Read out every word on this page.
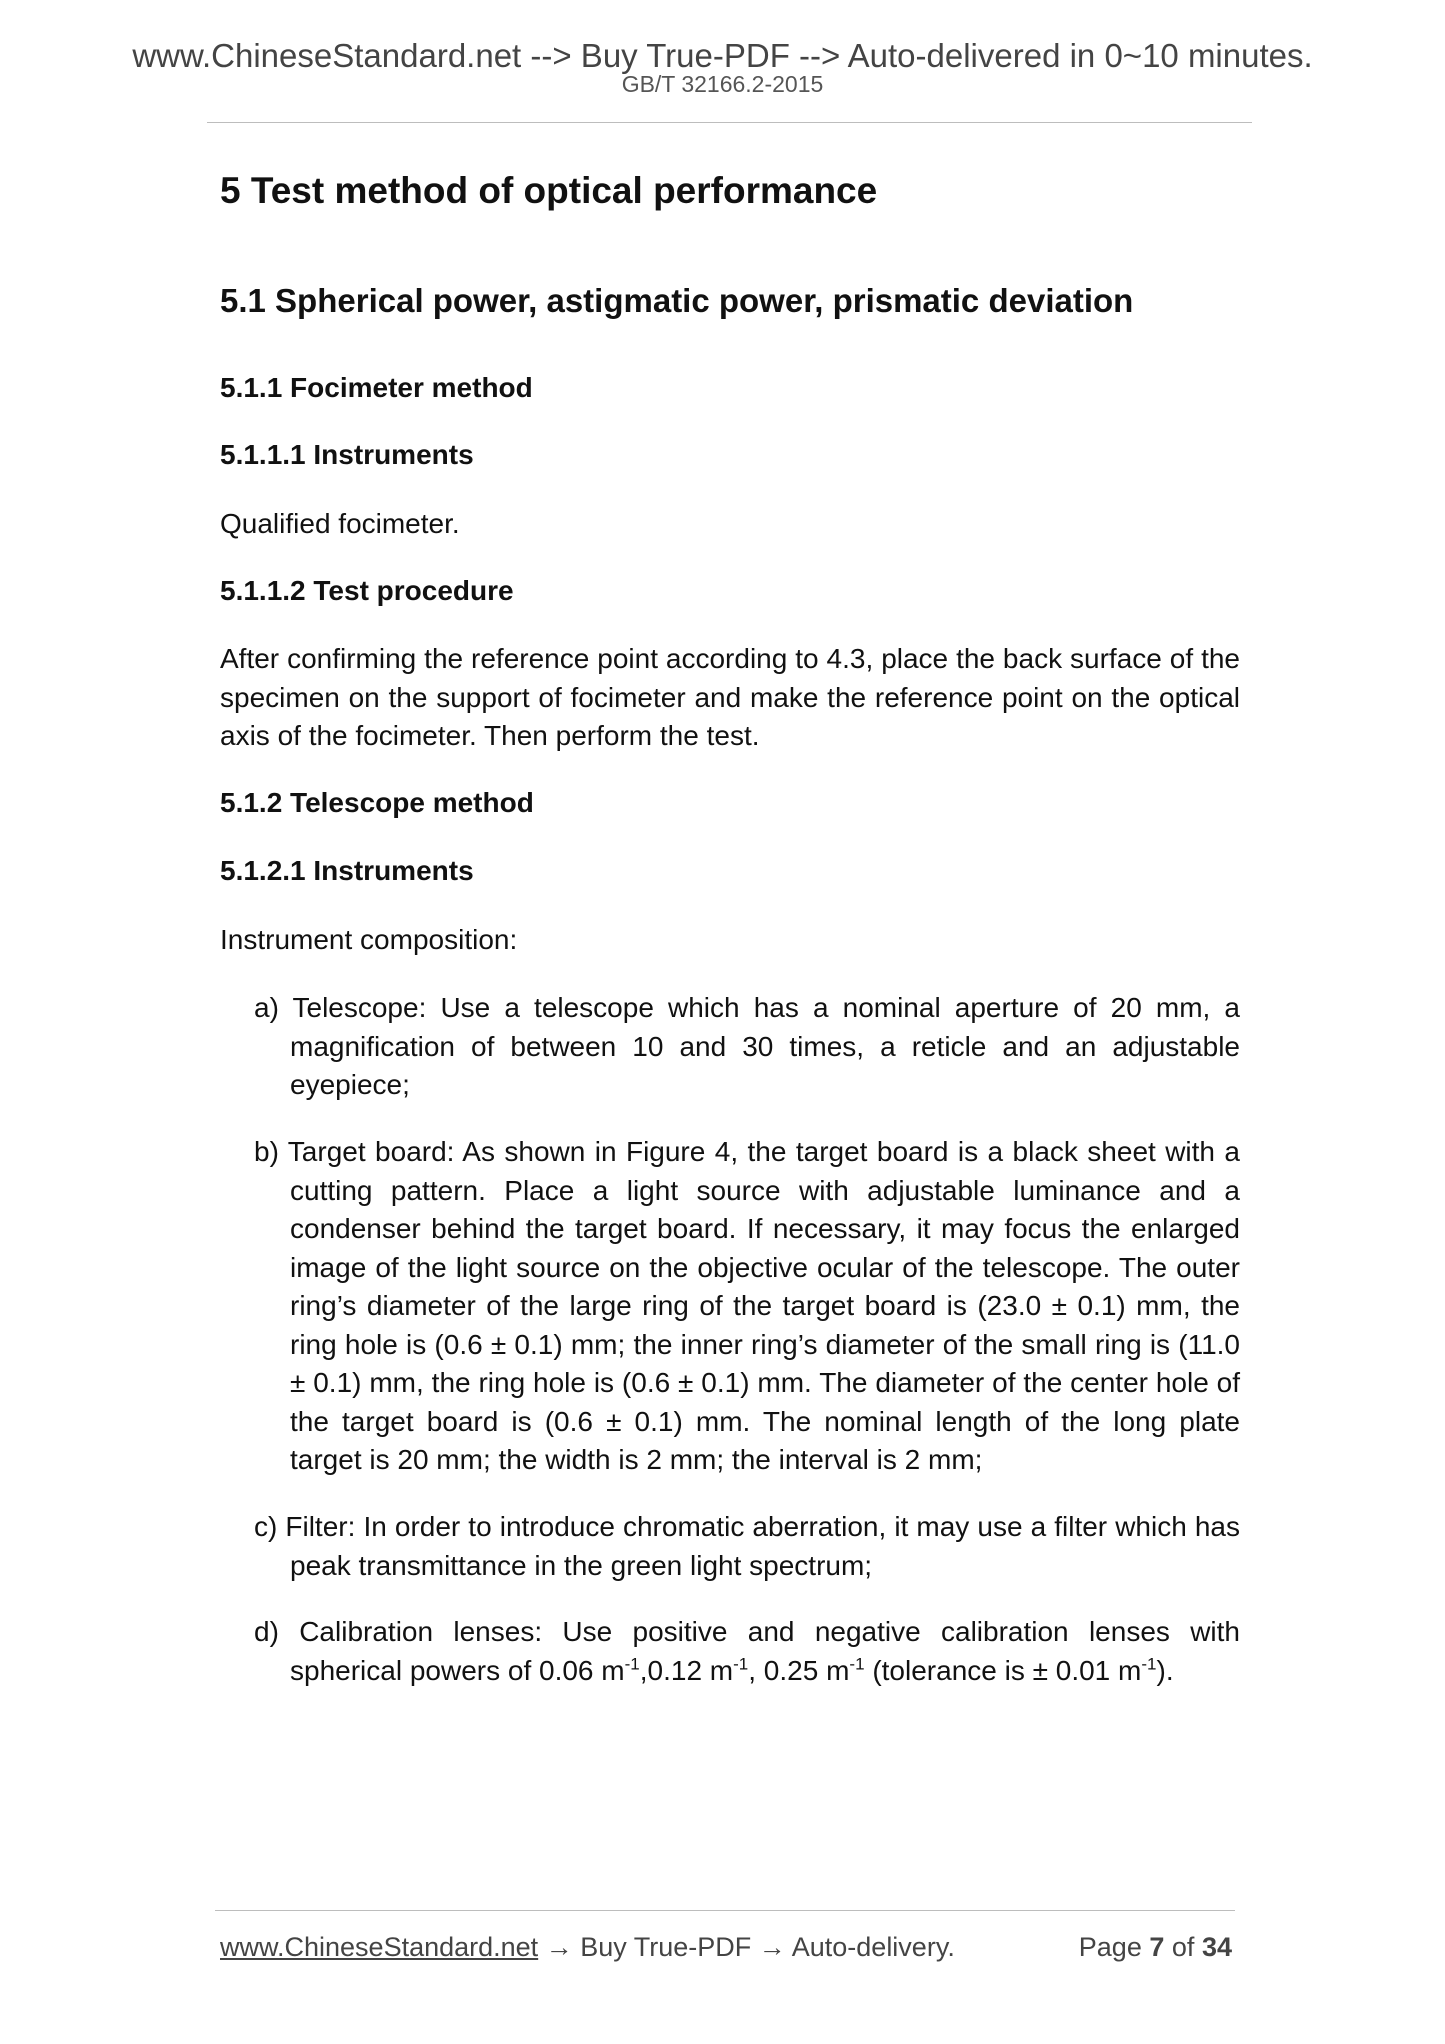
www.ChineseStandard.net --> Buy True-PDF --> Auto-delivered in 0~10 minutes.
GB/T 32166.2-2015
5 Test method of optical performance
5.1 Spherical power, astigmatic power, prismatic deviation
5.1.1 Focimeter method
5.1.1.1 Instruments
Qualified focimeter.
5.1.1.2 Test procedure
After confirming the reference point according to 4.3, place the back surface of the specimen on the support of focimeter and make the reference point on the optical axis of the focimeter. Then perform the test.
5.1.2 Telescope method
5.1.2.1 Instruments
Instrument composition:
a) Telescope: Use a telescope which has a nominal aperture of 20 mm, a magnification of between 10 and 30 times, a reticle and an adjustable eyepiece;
b) Target board: As shown in Figure 4, the target board is a black sheet with a cutting pattern. Place a light source with adjustable luminance and a condenser behind the target board. If necessary, it may focus the enlarged image of the light source on the objective ocular of the telescope. The outer ring’s diameter of the large ring of the target board is (23.0 ± 0.1) mm, the ring hole is (0.6 ± 0.1) mm; the inner ring’s diameter of the small ring is (11.0 ± 0.1) mm, the ring hole is (0.6 ± 0.1) mm. The diameter of the center hole of the target board is (0.6 ± 0.1) mm. The nominal length of the long plate target is 20 mm; the width is 2 mm; the interval is 2 mm;
c) Filter: In order to introduce chromatic aberration, it may use a filter which has peak transmittance in the green light spectrum;
d) Calibration lenses: Use positive and negative calibration lenses with spherical powers of 0.06 $m^{-1},0.12$ $m^{-1}$, 0.25 $m^{-1}$ (tolerance is ± 0.01 $m^{-1}$).
www.ChineseStandard.net → Buy True-PDF → Auto-delivery.	Page 7 of 34
